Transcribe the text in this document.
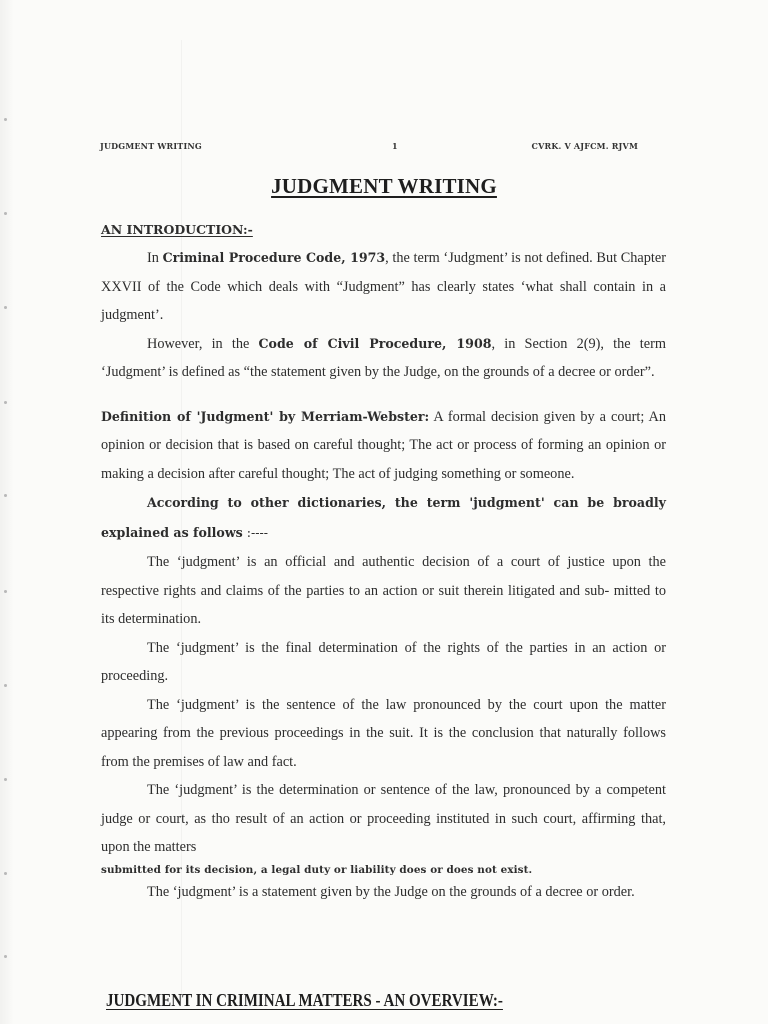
JUDGMENT WRITING	1	CVRK. V AJFCM. RJVM
JUDGMENT WRITING

AN INTRODUCTION:-

In Criminal Procedure Code, 1973, the term ‘Judgment’ is not defined. But Chapter XXVII of the Code which deals with “Judgment” has clearly states ‘what shall contain in a judgment’.

However, in the Code of Civil Procedure, 1908, in Section 2(9), the term ‘Judgment’ is defined as “the statement given by the Judge, on the grounds of a decree or order”.

Definition of 'Judgment' by Merriam-Webster: A formal decision given by a court; An opinion or decision that is based on careful thought; The act or process of forming an opinion or making a decision after careful thought; The act of judging something or someone.

According to other dictionaries, the term 'judgment' can be broadly explained as follows :----

The ‘judgment’ is an official and authentic decision of a court of justice upon the respective rights and claims of the parties to an action or suit therein litigated and sub- mitted to its determination.

The ‘judgment’ is the final determination of the rights of the parties in an action or proceeding.

The ‘judgment’ is the sentence of the law pronounced by the court upon the matter appearing from the previous proceedings in the suit. It is the conclusion that naturally follows from the premises of law and fact.

The ‘judgment’ is the determination or sentence of the law, pronounced by a competent judge or court, as tho result of an action or proceeding instituted in such court, affirming that, upon the matters

submitted for its decision, a legal duty or liability does or does not exist.

The ‘judgment’ is a statement given by the Judge on the grounds of a decree or order.

JUDGMENT IN CRIMINAL MATTERS - AN OVERVIEW:-
